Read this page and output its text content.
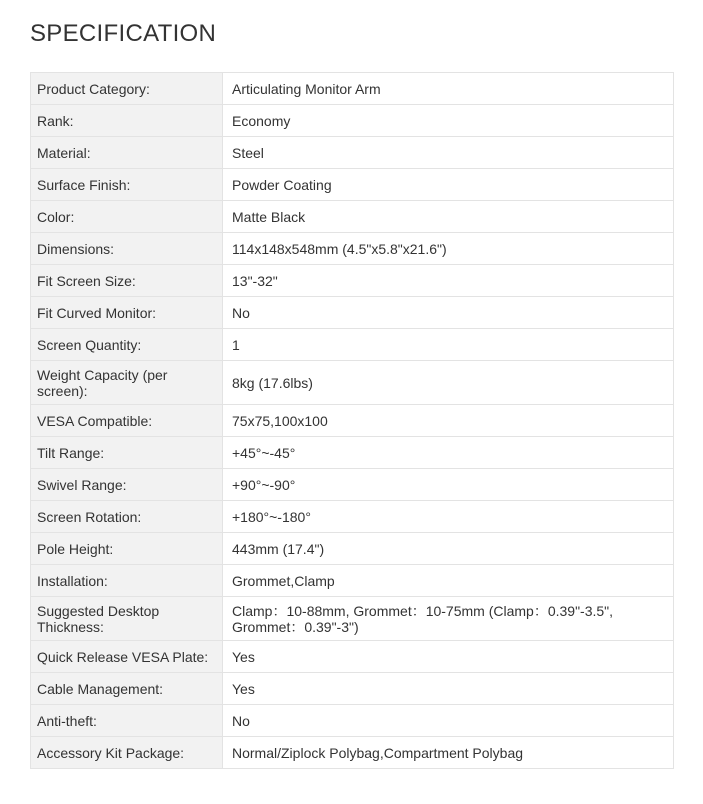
SPECIFICATION
Product Category:	Articulating Monitor Arm
Rank:	Economy
Material:	Steel
Surface Finish:	Powder Coating
Color:	Matte Black
Dimensions:	114x148x548mm (4.5"x5.8"x21.6")
Fit Screen Size:	13"-32"
Fit Curved Monitor:	No
Screen Quantity:	1
Weight Capacity (per screen):	8kg (17.6lbs)
VESA Compatible:	75x75,100x100
Tilt Range:	+45°~-45°
Swivel Range:	+90°~-90°
Screen Rotation:	+180°~-180°
Pole Height:	443mm (17.4")
Installation:	Grommet,Clamp
Suggested Desktop Thickness:	Clamp：10-88mm, Grommet：10-75mm (Clamp：0.39"-3.5", Grommet：0.39"-3")
Quick Release VESA Plate:	Yes
Cable Management:	Yes
Anti-theft:	No
Accessory Kit Package:	Normal/Ziplock Polybag,Compartment Polybag
